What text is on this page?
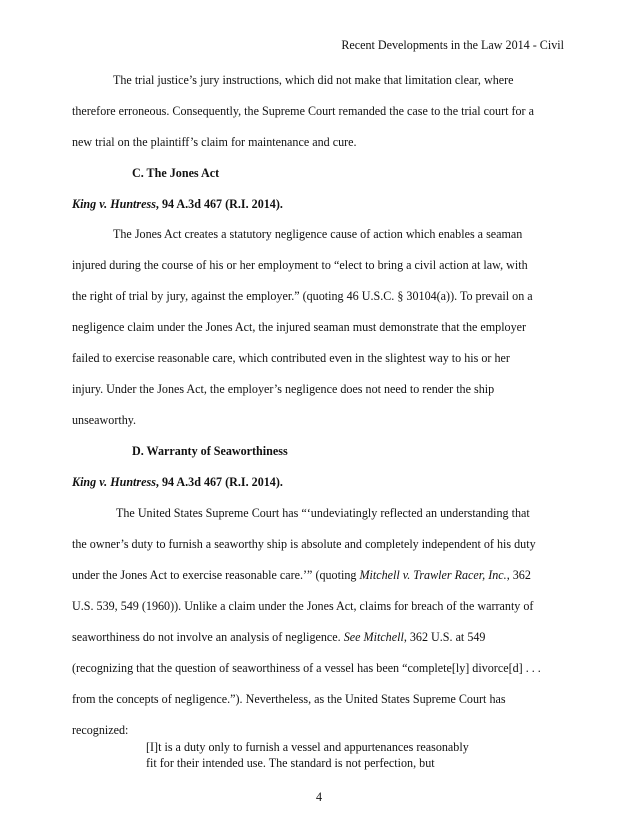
Recent Developments in the Law 2014 - Civil
The trial justice’s jury instructions, which did not make that limitation clear, where
therefore erroneous. Consequently, the Supreme Court remanded the case to the trial court for a
new trial on the plaintiff’s claim for maintenance and cure.
C. The Jones Act
King v. Huntress, 94 A.3d 467 (R.I. 2014).
The Jones Act creates a statutory negligence cause of action which enables a seaman
injured during the course of his or her employment to “elect to bring a civil action at law, with
the right of trial by jury, against the employer.” (quoting 46 U.S.C. § 30104(a)). To prevail on a
negligence claim under the Jones Act, the injured seaman must demonstrate that the employer
failed to exercise reasonable care, which contributed even in the slightest way to his or her
injury. Under the Jones Act, the employer’s negligence does not need to render the ship
unseaworthy.
D. Warranty of Seaworthiness
King v. Huntress, 94 A.3d 467 (R.I. 2014).
The United States Supreme Court has “‘undeviatingly reflected an understanding that
the owner’s duty to furnish a seaworthy ship is absolute and completely independent of his duty
under the Jones Act to exercise reasonable care.’” (quoting Mitchell v. Trawler Racer, Inc., 362
U.S. 539, 549 (1960)). Unlike a claim under the Jones Act, claims for breach of the warranty of
seaworthiness do not involve an analysis of negligence. See Mitchell, 362 U.S. at 549
(recognizing that the question of seaworthiness of a vessel has been “complete[ly] divorce[d] . . .
from the concepts of negligence.”). Nevertheless, as the United States Supreme Court has
recognized:
[I]t is a duty only to furnish a vessel and appurtenances reasonably
fit for their intended use. The standard is not perfection, but
4
